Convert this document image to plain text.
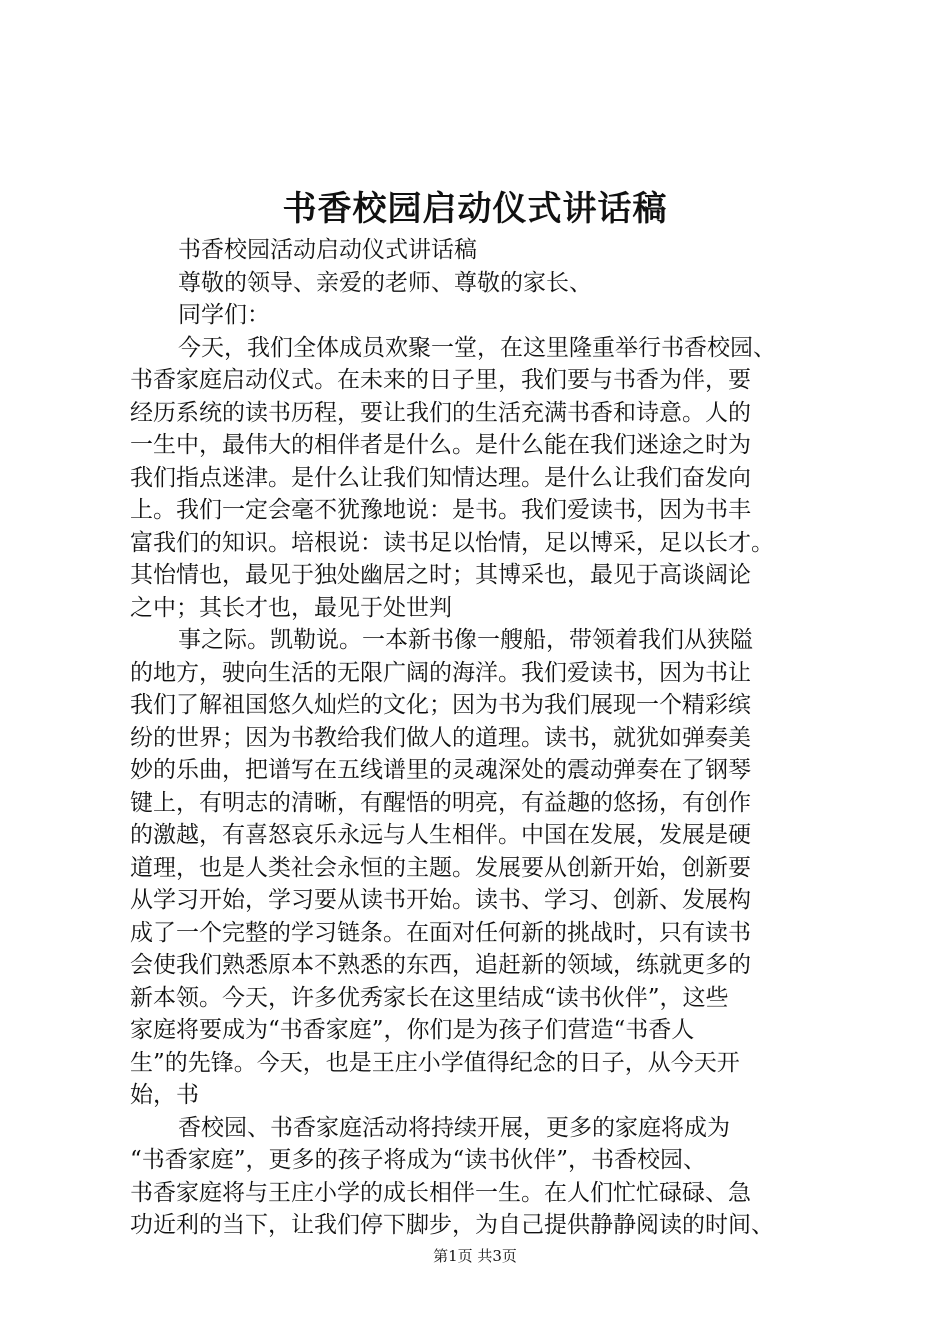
书香校园启动仪式讲话稿
书香校园活动启动仪式讲话稿
尊敬的领导、亲爱的老师、尊敬的家长、
同学们：
今天，我们全体成员欢聚一堂，在这里隆重举行书香校园、
书香家庭启动仪式。在未来的日子里，我们要与书香为伴，要
经历系统的读书历程，要让我们的生活充满书香和诗意。人的
一生中，最伟大的相伴者是什么。是什么能在我们迷途之时为
我们指点迷津。是什么让我们知情达理。是什么让我们奋发向
上。我们一定会毫不犹豫地说：是书。我们爱读书，因为书丰
富我们的知识。培根说：读书足以怡情，足以博采，足以长才。
其怡情也，最见于独处幽居之时；其博采也，最见于高谈阔论
之中；其长才也，最见于处世判
事之际。凯勒说。一本新书像一艘船，带领着我们从狭隘
的地方，驶向生活的无限广阔的海洋。我们爱读书，因为书让
我们了解祖国悠久灿烂的文化；因为书为我们展现一个精彩缤
纷的世界；因为书教给我们做人的道理。读书，就犹如弹奏美
妙的乐曲，把谱写在五线谱里的灵魂深处的震动弹奏在了钢琴
键上，有明志的清晰，有醒悟的明亮，有益趣的悠扬，有创作
的激越，有喜怒哀乐永远与人生相伴。中国在发展，发展是硬
道理，也是人类社会永恒的主题。发展要从创新开始，创新要
从学习开始，学习要从读书开始。读书、学习、创新、发展构
成了一个完整的学习链条。在面对任何新的挑战时，只有读书
会使我们熟悉原本不熟悉的东西，追赶新的领域，练就更多的
新本领。今天，许多优秀家长在这里结成“读书伙伴”，这些
家庭将要成为“书香家庭”，你们是为孩子们营造“书香人
生”的先锋。今天，也是王庄小学值得纪念的日子，从今天开
始，书
香校园、书香家庭活动将持续开展，更多的家庭将成为
“书香家庭”，更多的孩子将成为“读书伙伴”，书香校园、
书香家庭将与王庄小学的成长相伴一生。在人们忙忙碌碌、急
功近利的当下，让我们停下脚步，为自己提供静静阅读的时间、
第1页 共3页
